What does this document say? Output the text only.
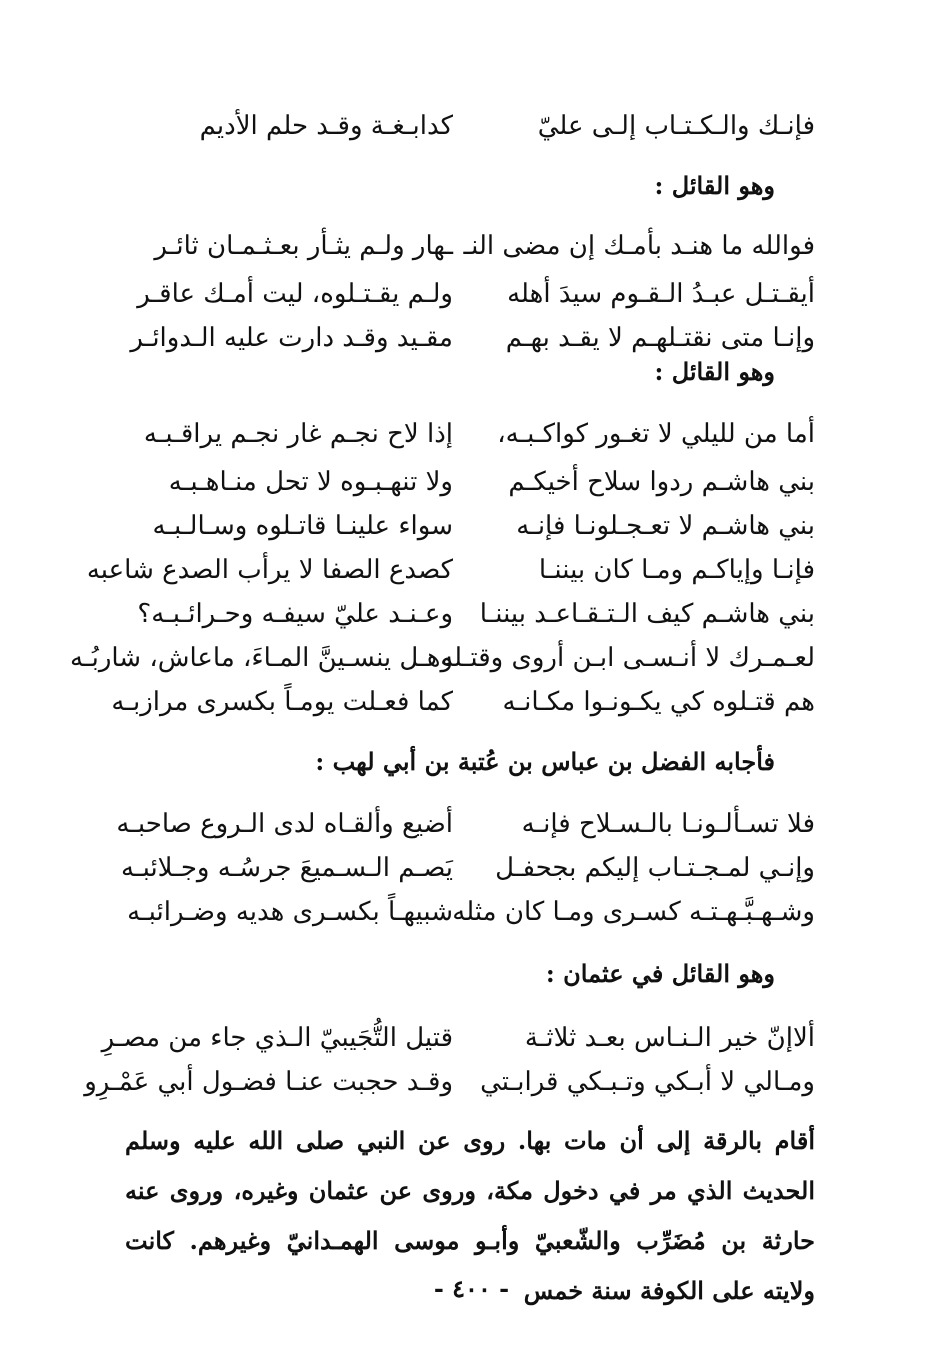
فإنـك والـكـتـاب إلـى عليّ
كدابـغـة وقـد حلم الأديم
وهو القائل :
فوالله ما هنـد بأمـك إن مضى النـ
ـهار ولـم يثـأر بعـثـمـان ثائـر
أيقـتـل عبـدُ الـقـوم سيدَ أهله
ولـم يقـتـلوه، ليت أمـك عاقـر
وإنـا متى نقتـلهـم لا يقـد بهـم
مقـيد وقـد دارت عليه الـدوائـر
وهو القائل :
أما من لليلي لا تغـور كواكـبـه،
إذا لاح نجـم غار نجـم يراقـبـه
بني هاشـم ردوا سلاح أخيكـم
ولا تنهـبـوه لا تحل منـاهـبـه
بني هاشـم لا تعـجـلونـا فإنـه
سواء علينـا قاتـلوه وسـالـبـه
فإنـا وإياكـم ومـا كان بيننـا
كصدع الصفا لا يرأب الصدع شاعبه
بني هاشـم كيف الـتـقـاعـد بيننـا
وعـنـد عليّ سيفـه وحـرائـبـه؟
لعـمـرك لا أنـسـى ابـن أروى وقتـله
وهـل ينسـينَّ المـاءَ، ماعاش، شاربُـه
هم قتـلوه كي يكـونـوا مكـانـه
كما فعـلت يومـاً بكسرى مرازبـه
فأجابه الفضل بن عباس بن عُتبة بن أبي لهب :
فلا تسـألـونـا بالـسـلاح فإنـه
أضيع وألقـاه لدى الـروع صاحبـه
وإنـي لمـجـتـاب إليكم بجحفـل
يَصـم الـسـميعَ جرسُـه وجـلائبـه
وشـهـبَّـهـتـه كسـرى ومـا كان مثله
شبيهـاً بكسـرى هديه وضـرائبـه
وهو القائل في عثمان :
ألاإنّ خير الـنـاس بعـد ثلاثـة
قتيل التُّجَيبيّ الـذي جاء من مصـرِ
ومـالي لا أبـكي وتـبـكي قرابـتي
وقـد حجبت عنـا فضـول أبي عَمْـرِو

أقام بالرقة إلى أن مات بها. روى عن النبي صلى الله عليه وسلم الحديث الذي مر في دخول مكة، وروى عن عثمان وغيره، وروى عنه حارثة بن مُضَرِّب والشّعبيّ وأبـو موسى الهمـدانيّ وغيرهم. كانت ولايته على الكوفة سنة خمس

- ٤٠٠ -
